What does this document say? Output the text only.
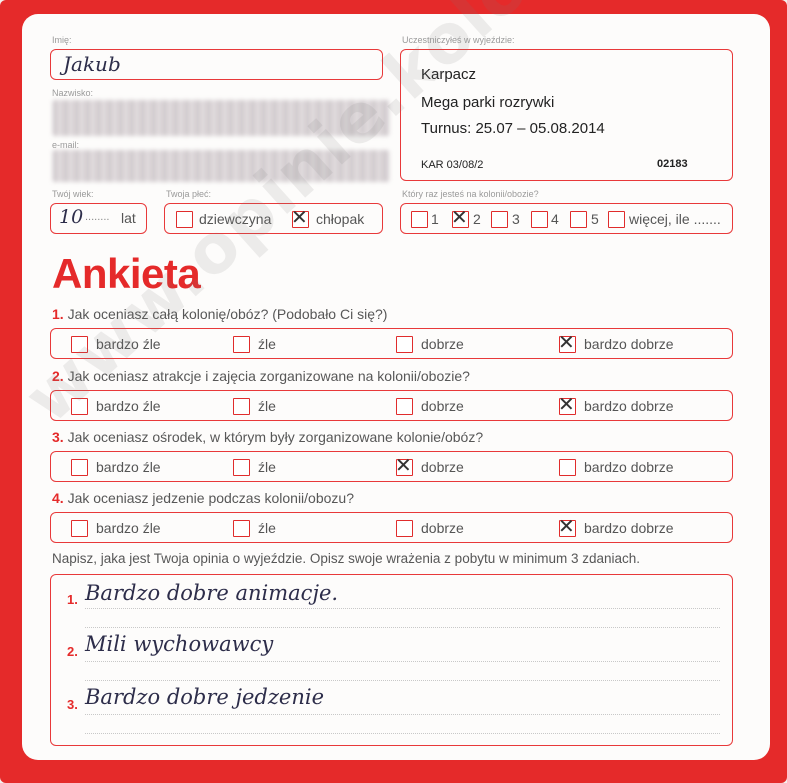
Imię:
Jakub
Nazwisko:
e-mail:
Twój wiek:
10 ........ lat
Twoja płeć:
dziewczyna ✕ chłopak
Uczestniczyłeś w wyjeździe:
Karpacz
Mega parki rozrywki
Turnus: 25.07 – 05.08.2014
KAR 03/08/2	02183
Który raz jesteś na kolonii/obozie?
1 ✕ 2 3 4 5 więcej, ile .......
Ankieta
1. Jak oceniasz całą kolonię/obóz? (Podobało Ci się?)
bardzo źle	źle	dobrze	✕ bardzo dobrze
2. Jak oceniasz atrakcje i zajęcia zorganizowane na kolonii/obozie?
bardzo źle	źle	dobrze	✕ bardzo dobrze
3. Jak oceniasz ośrodek, w którym były zorganizowane kolonie/obóz?
bardzo źle	źle	✕ dobrze	bardzo dobrze
4. Jak oceniasz jedzenie podczas kolonii/obozu?
bardzo źle	źle	dobrze	✕ bardzo dobrze
Napisz, jaka jest Twoja opinia o wyjeździe. Opisz swoje wrażenia z pobytu w minimum 3 zdaniach.
1. Bardzo dobre animacje.
2. Mili wychowawcy
3. Bardzo dobre jedzenie
